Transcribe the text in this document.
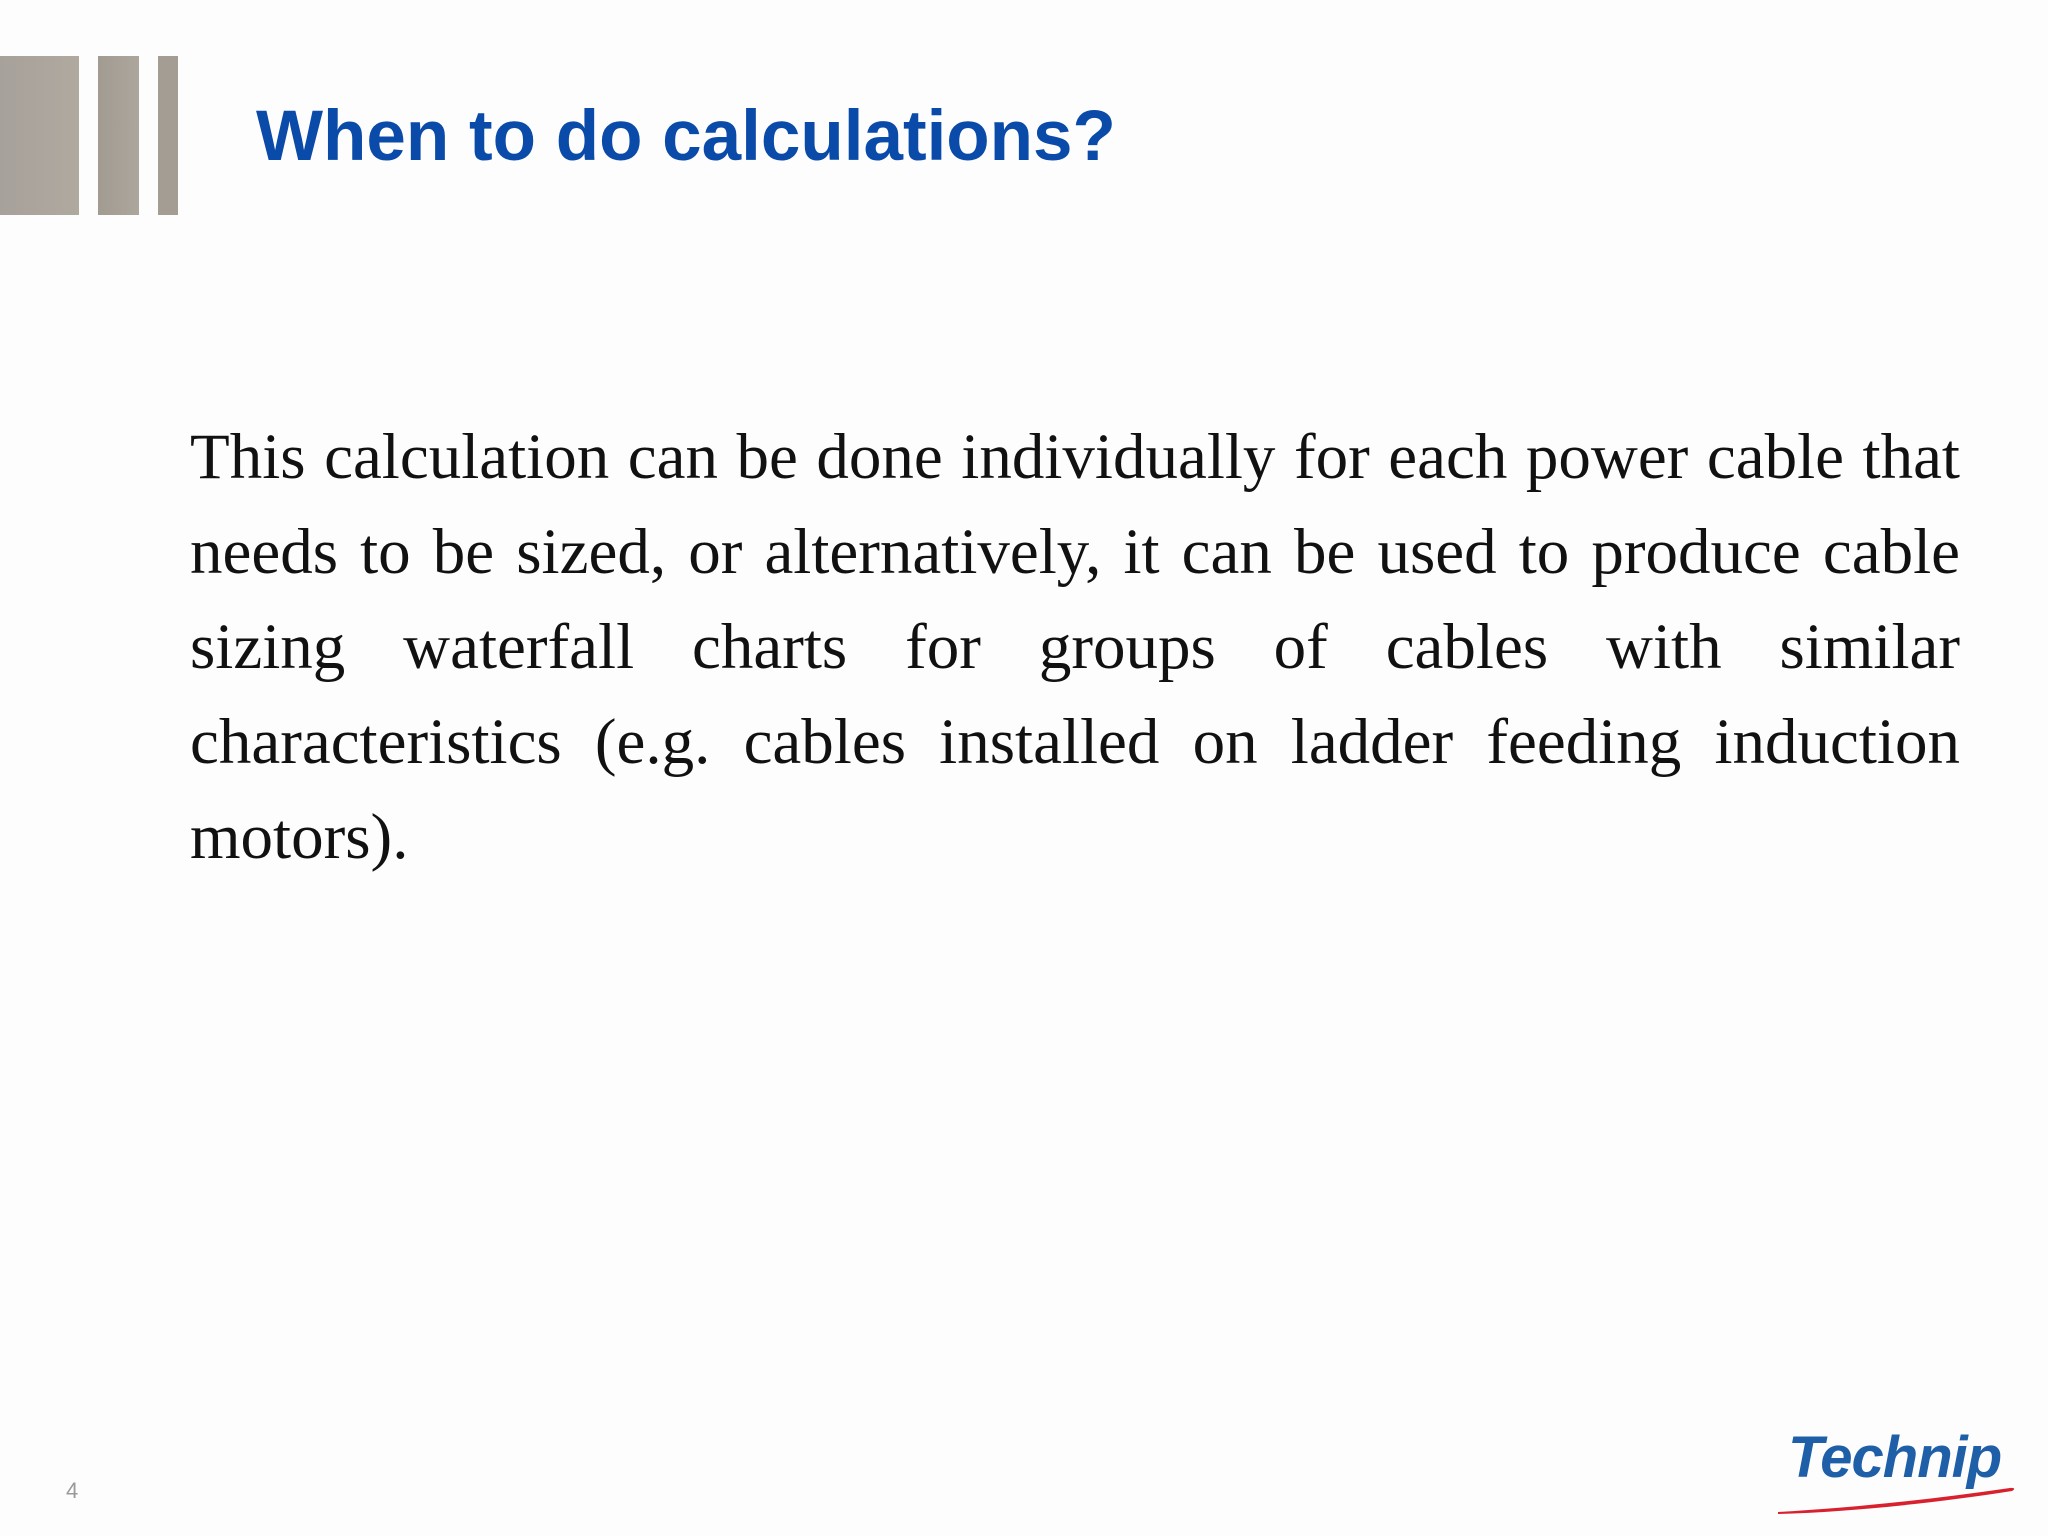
When to do calculations?

This calculation can be done individually for each power cable that needs to be sized, or alternatively, it can be used to produce cable sizing waterfall charts for groups of cables with similar characteristics (e.g. cables installed on ladder feeding induction motors).

4
Technip
